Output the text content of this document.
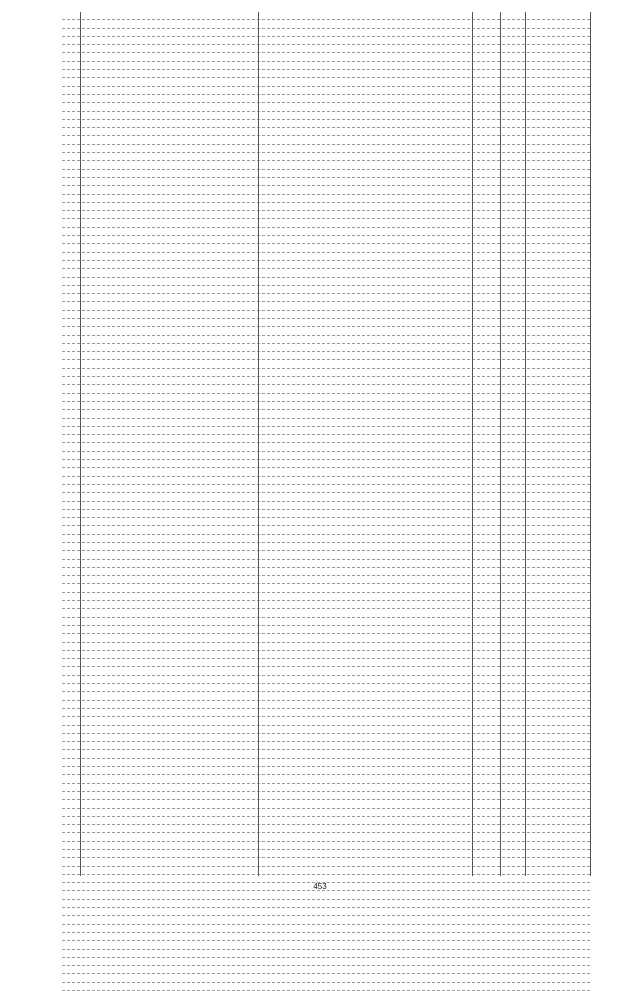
453
